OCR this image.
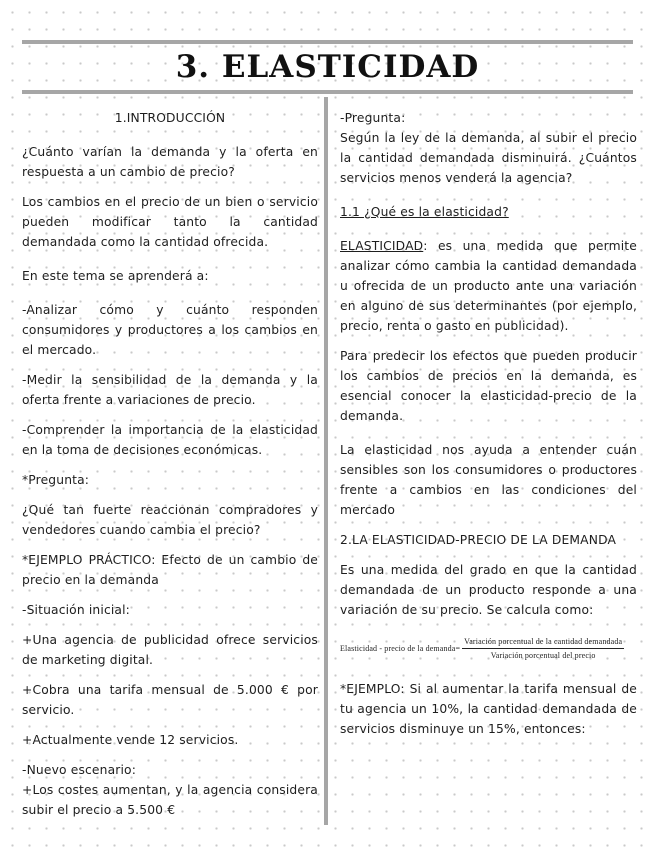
3. ELASTICIDAD

1.INTRODUCCIÓN

¿Cuánto varían la demanda y la oferta en respuesta a un cambio de precio?

Los cambios en el precio de un bien o servicio pueden modificar tanto la cantidad demandada como la cantidad ofrecida.

En este tema se aprenderá a:

-Analizar cómo y cuánto responden consumidores y productores a los cambios en el mercado.

-Medir la sensibilidad de la demanda y la oferta frente a variaciones de precio.

-Comprender la importancia de la elasticidad en la toma de decisiones económicas.

*Pregunta:

¿Qué tan fuerte reaccionan compradores y vendedores cuando cambia el precio?

*EJEMPLO PRÁCTICO: Efecto de un cambio de precio en la demanda

-Situación inicial:

+Una agencia de publicidad ofrece servicios de marketing digital.

+Cobra una tarifa mensual de 5.000 € por servicio.

+Actualmente vende 12 servicios.

-Nuevo escenario:

+Los costes aumentan, y la agencia considera subir el precio a 5.500 €

-Pregunta:

Según la ley de la demanda, al subir el precio la cantidad demandada disminuirá. ¿Cuántos servicios menos venderá la agencia?

1.1 ¿Qué es la elasticidad?

ELASTICIDAD: es una medida que permite analizar cómo cambia la cantidad demandada u ofrecida de un producto ante una variación en alguno de sus determinantes (por ejemplo, precio, renta o gasto en publicidad).

Para predecir los efectos que pueden producir los cambios de precios en la demanda, es esencial conocer la elasticidad-precio de la demanda.

La elasticidad nos ayuda a entender cuán sensibles son los consumidores o productores frente a cambios en las condiciones del mercado

2.LA ELASTICIDAD-PRECIO DE LA DEMANDA

Es una medida del grado en que la cantidad demandada de un producto responde a una variación de su precio. Se calcula como:

Elasticidad - precio de la demanda= $\frac{\text{Variación porcentual de la cantidad demandada}}{\text{Variación porcentual del precio}}$

*EJEMPLO: Si al aumentar la tarifa mensual de tu agencia un 10%, la cantidad demandada de servicios disminuye un 15%, entonces:
